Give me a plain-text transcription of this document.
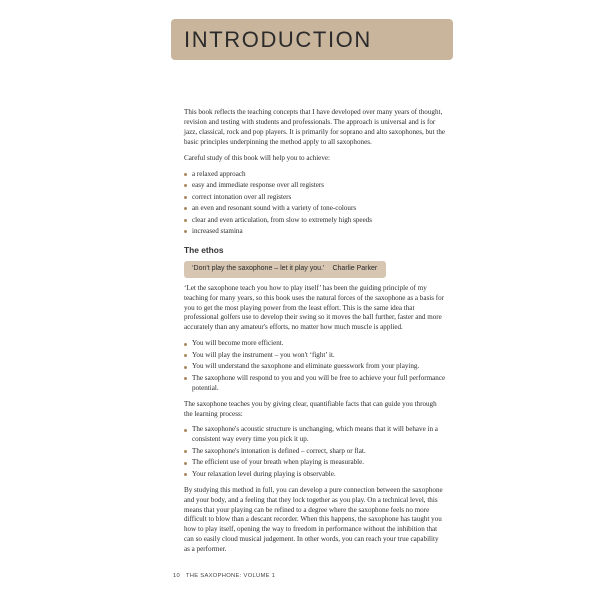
INTRODUCTION

This book reflects the teaching concepts that I have developed over many years of thought, revision and testing with students and professionals. The approach is universal and is for jazz, classical, rock and pop players. It is primarily for soprano and alto saxophones, but the basic principles underpinning the method apply to all saxophones.

Careful study of this book will help you to achieve:

a relaxed approach
easy and immediate response over all registers
correct intonation over all registers
an even and resonant sound with a variety of tone-colours
clear and even articulation, from slow to extremely high speeds
increased stamina
The ethos
‘Don't play the saxophone – let it play you.’ Charlie Parker

‘Let the saxophone teach you how to play itself’ has been the guiding principle of my teaching for many years, so this book uses the natural forces of the saxophone as a basis for you to get the most playing power from the least effort. This is the same idea that professional golfers use to develop their swing so it moves the ball further, faster and more accurately than any amateur's efforts, no matter how much muscle is applied.

You will become more efficient.
You will play the instrument – you won't ‘fight’ it.
You will understand the saxophone and eliminate guesswork from your playing.
The saxophone will respond to you and you will be free to achieve your full performance potential.

The saxophone teaches you by giving clear, quantifiable facts that can guide you through the learning process:

The saxophone's acoustic structure is unchanging, which means that it will behave in a consistent way every time you pick it up.
The saxophone's intonation is defined – correct, sharp or flat.
The efficient use of your breath when playing is measurable.
Your relaxation level during playing is observable.

By studying this method in full, you can develop a pure connection between the saxophone and your body, and a feeling that they lock together as you play. On a technical level, this means that your playing can be refined to a degree where the saxophone feels no more difficult to blow than a descant recorder. When this happens, the saxophone has taught you how to play itself, opening the way to freedom in performance without the inhibition that can so easily cloud musical judgement. In other words, you can reach your true capability as a performer.

10 THE SAXOPHONE: VOLUME 1
